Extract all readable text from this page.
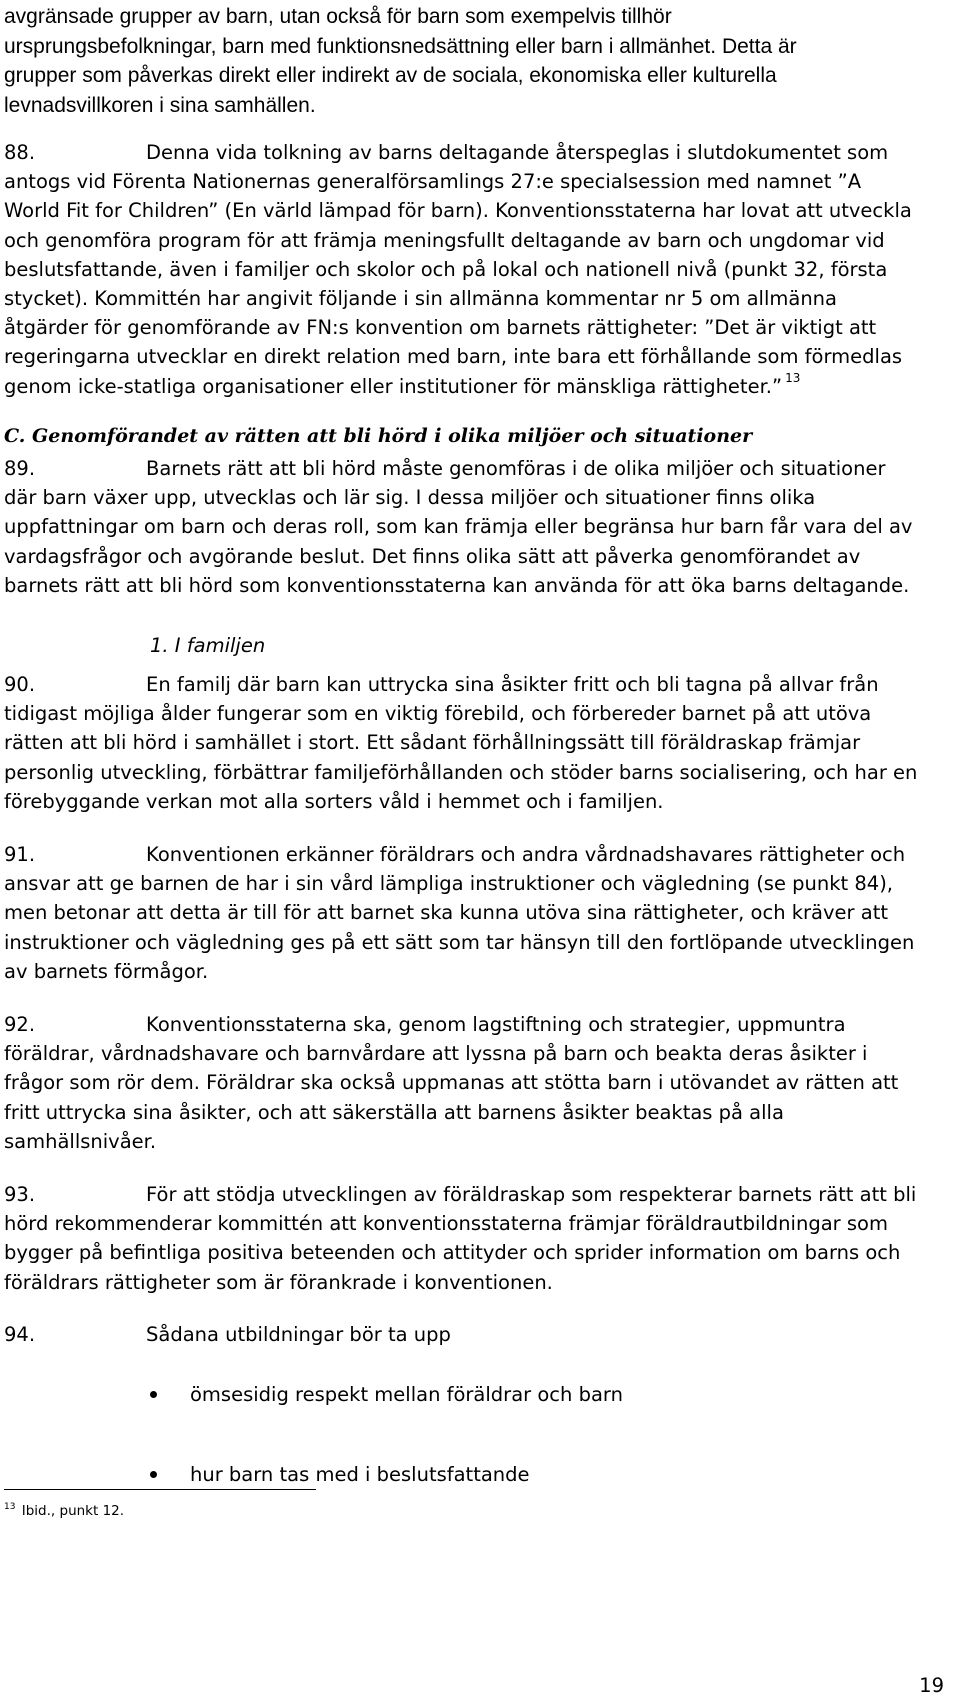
avgränsade grupper av barn, utan också för barn som exempelvis tillhör
ursprungsbefolkningar, barn med funktionsnedsättning eller barn i allmänhet. Detta är
grupper som påverkas direkt eller indirekt av de sociala, ekonomiska eller kulturella
levnadsvillkoren i sina samhällen.
88.	Denna vida tolkning av barns deltagande återspeglas i slutdokumentet som
antogs vid Förenta Nationernas generalförsamlings 27:e specialsession med namnet ”A
World Fit for Children” (En värld lämpad för barn). Konventionsstaterna har lovat att utveckla
och genomföra program för att främja meningsfullt deltagande av barn och ungdomar vid
beslutsfattande, även i familjer och skolor och på lokal och nationell nivå (punkt 32, första
stycket). Kommittén har angivit följande i sin allmänna kommentar nr 5 om allmänna
åtgärder för genomförande av FN:s konvention om barnets rättigheter: ”Det är viktigt att
regeringarna utvecklar en direkt relation med barn, inte bara ett förhållande som förmedlas
genom icke-statliga organisationer eller institutioner för mänskliga rättigheter.” $^{13}$
C. Genomförandet av rätten att bli hörd i olika miljöer och situationer
89.	Barnets rätt att bli hörd måste genomföras i de olika miljöer och situationer
där barn växer upp, utvecklas och lär sig. I dessa miljöer och situationer finns olika
uppfattningar om barn och deras roll, som kan främja eller begränsa hur barn får vara del av
vardagsfrågor och avgörande beslut. Det finns olika sätt att påverka genomförandet av
barnets rätt att bli hörd som konventionsstaterna kan använda för att öka barns deltagande.
1. I familjen
90.	En familj där barn kan uttrycka sina åsikter fritt och bli tagna på allvar från
tidigast möjliga ålder fungerar som en viktig förebild, och förbereder barnet på att utöva
rätten att bli hörd i samhället i stort. Ett sådant förhållningssätt till föräldraskap främjar
personlig utveckling, förbättrar familjeförhållanden och stöder barns socialisering, och har en
förebyggande verkan mot alla sorters våld i hemmet och i familjen.
91.	Konventionen erkänner föräldrars och andra vårdnadshavares rättigheter och
ansvar att ge barnen de har i sin vård lämpliga instruktioner och vägledning (se punkt 84),
men betonar att detta är till för att barnet ska kunna utöva sina rättigheter, och kräver att
instruktioner och vägledning ges på ett sätt som tar hänsyn till den fortlöpande utvecklingen
av barnets förmågor.
92.	Konventionsstaterna ska, genom lagstiftning och strategier, uppmuntra
föräldrar, vårdnadshavare och barnvårdare att lyssna på barn och beakta deras åsikter i
frågor som rör dem. Föräldrar ska också uppmanas att stötta barn i utövandet av rätten att
fritt uttrycka sina åsikter, och att säkerställa att barnens åsikter beaktas på alla
samhällsnivåer.
93.	För att stödja utvecklingen av föräldraskap som respekterar barnets rätt att bli
hörd rekommenderar kommittén att konventionsstaterna främjar föräldrautbildningar som
bygger på befintliga positiva beteenden och attityder och sprider information om barns och
föräldrars rättigheter som är förankrade i konventionen.
94.	Sådana utbildningar bör ta upp
ömsesidig respekt mellan föräldrar och barn
hur barn tas med i beslutsfattande
$^{13}$ Ibid., punkt 12.
19
